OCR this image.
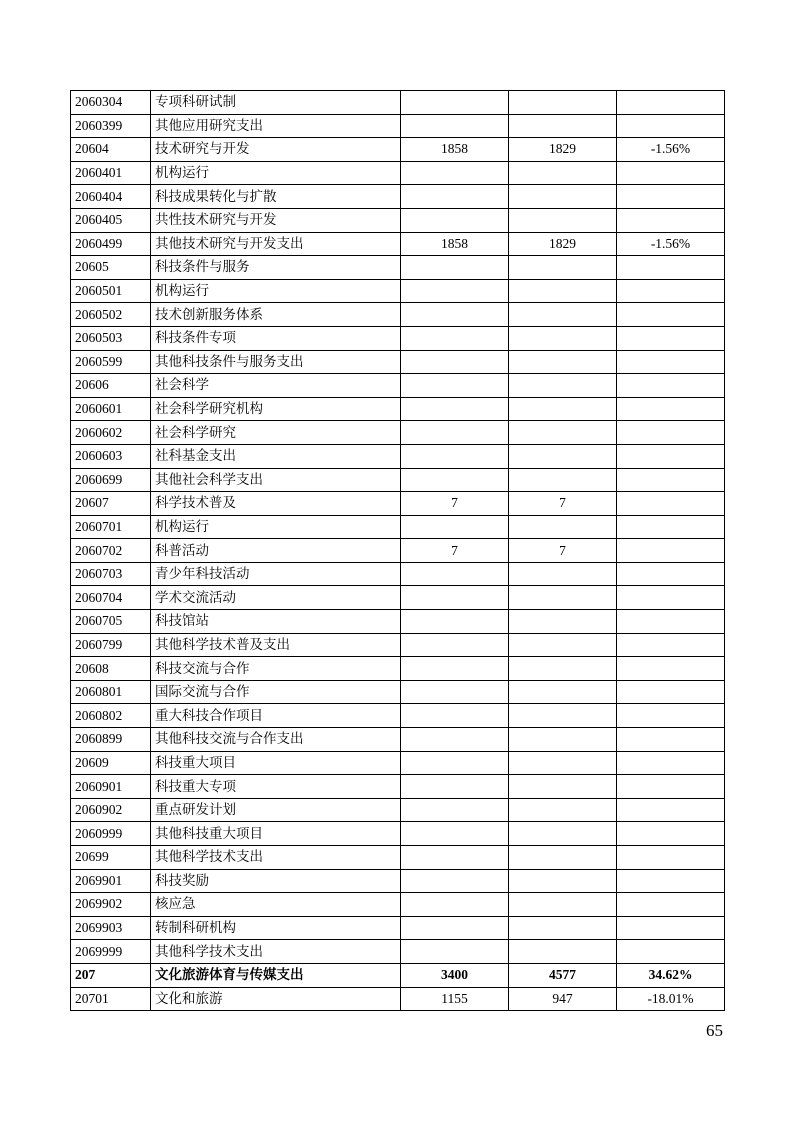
2060304	专项科研试制			
2060399	其他应用研究支出			
20604	技术研究与开发	1858	1829	-1.56%
2060401	机构运行			
2060404	科技成果转化与扩散			
2060405	共性技术研究与开发			
2060499	其他技术研究与开发支出	1858	1829	-1.56%
20605	科技条件与服务			
2060501	机构运行			
2060502	技术创新服务体系			
2060503	科技条件专项			
2060599	其他科技条件与服务支出			
20606	社会科学			
2060601	社会科学研究机构			
2060602	社会科学研究			
2060603	社科基金支出			
2060699	其他社会科学支出			
20607	科学技术普及	7	7	
2060701	机构运行			
2060702	科普活动	7	7	
2060703	青少年科技活动			
2060704	学术交流活动			
2060705	科技馆站			
2060799	其他科学技术普及支出			
20608	科技交流与合作			
2060801	国际交流与合作			
2060802	重大科技合作项目			
2060899	其他科技交流与合作支出			
20609	科技重大项目			
2060901	科技重大专项			
2060902	重点研发计划			
2060999	其他科技重大项目			
20699	其他科学技术支出			
2069901	科技奖励			
2069902	核应急			
2069903	转制科研机构			
2069999	其他科学技术支出			
207	文化旅游体育与传媒支出	3400	4577	34.62%
20701	文化和旅游	1155	947	-18.01%
65
